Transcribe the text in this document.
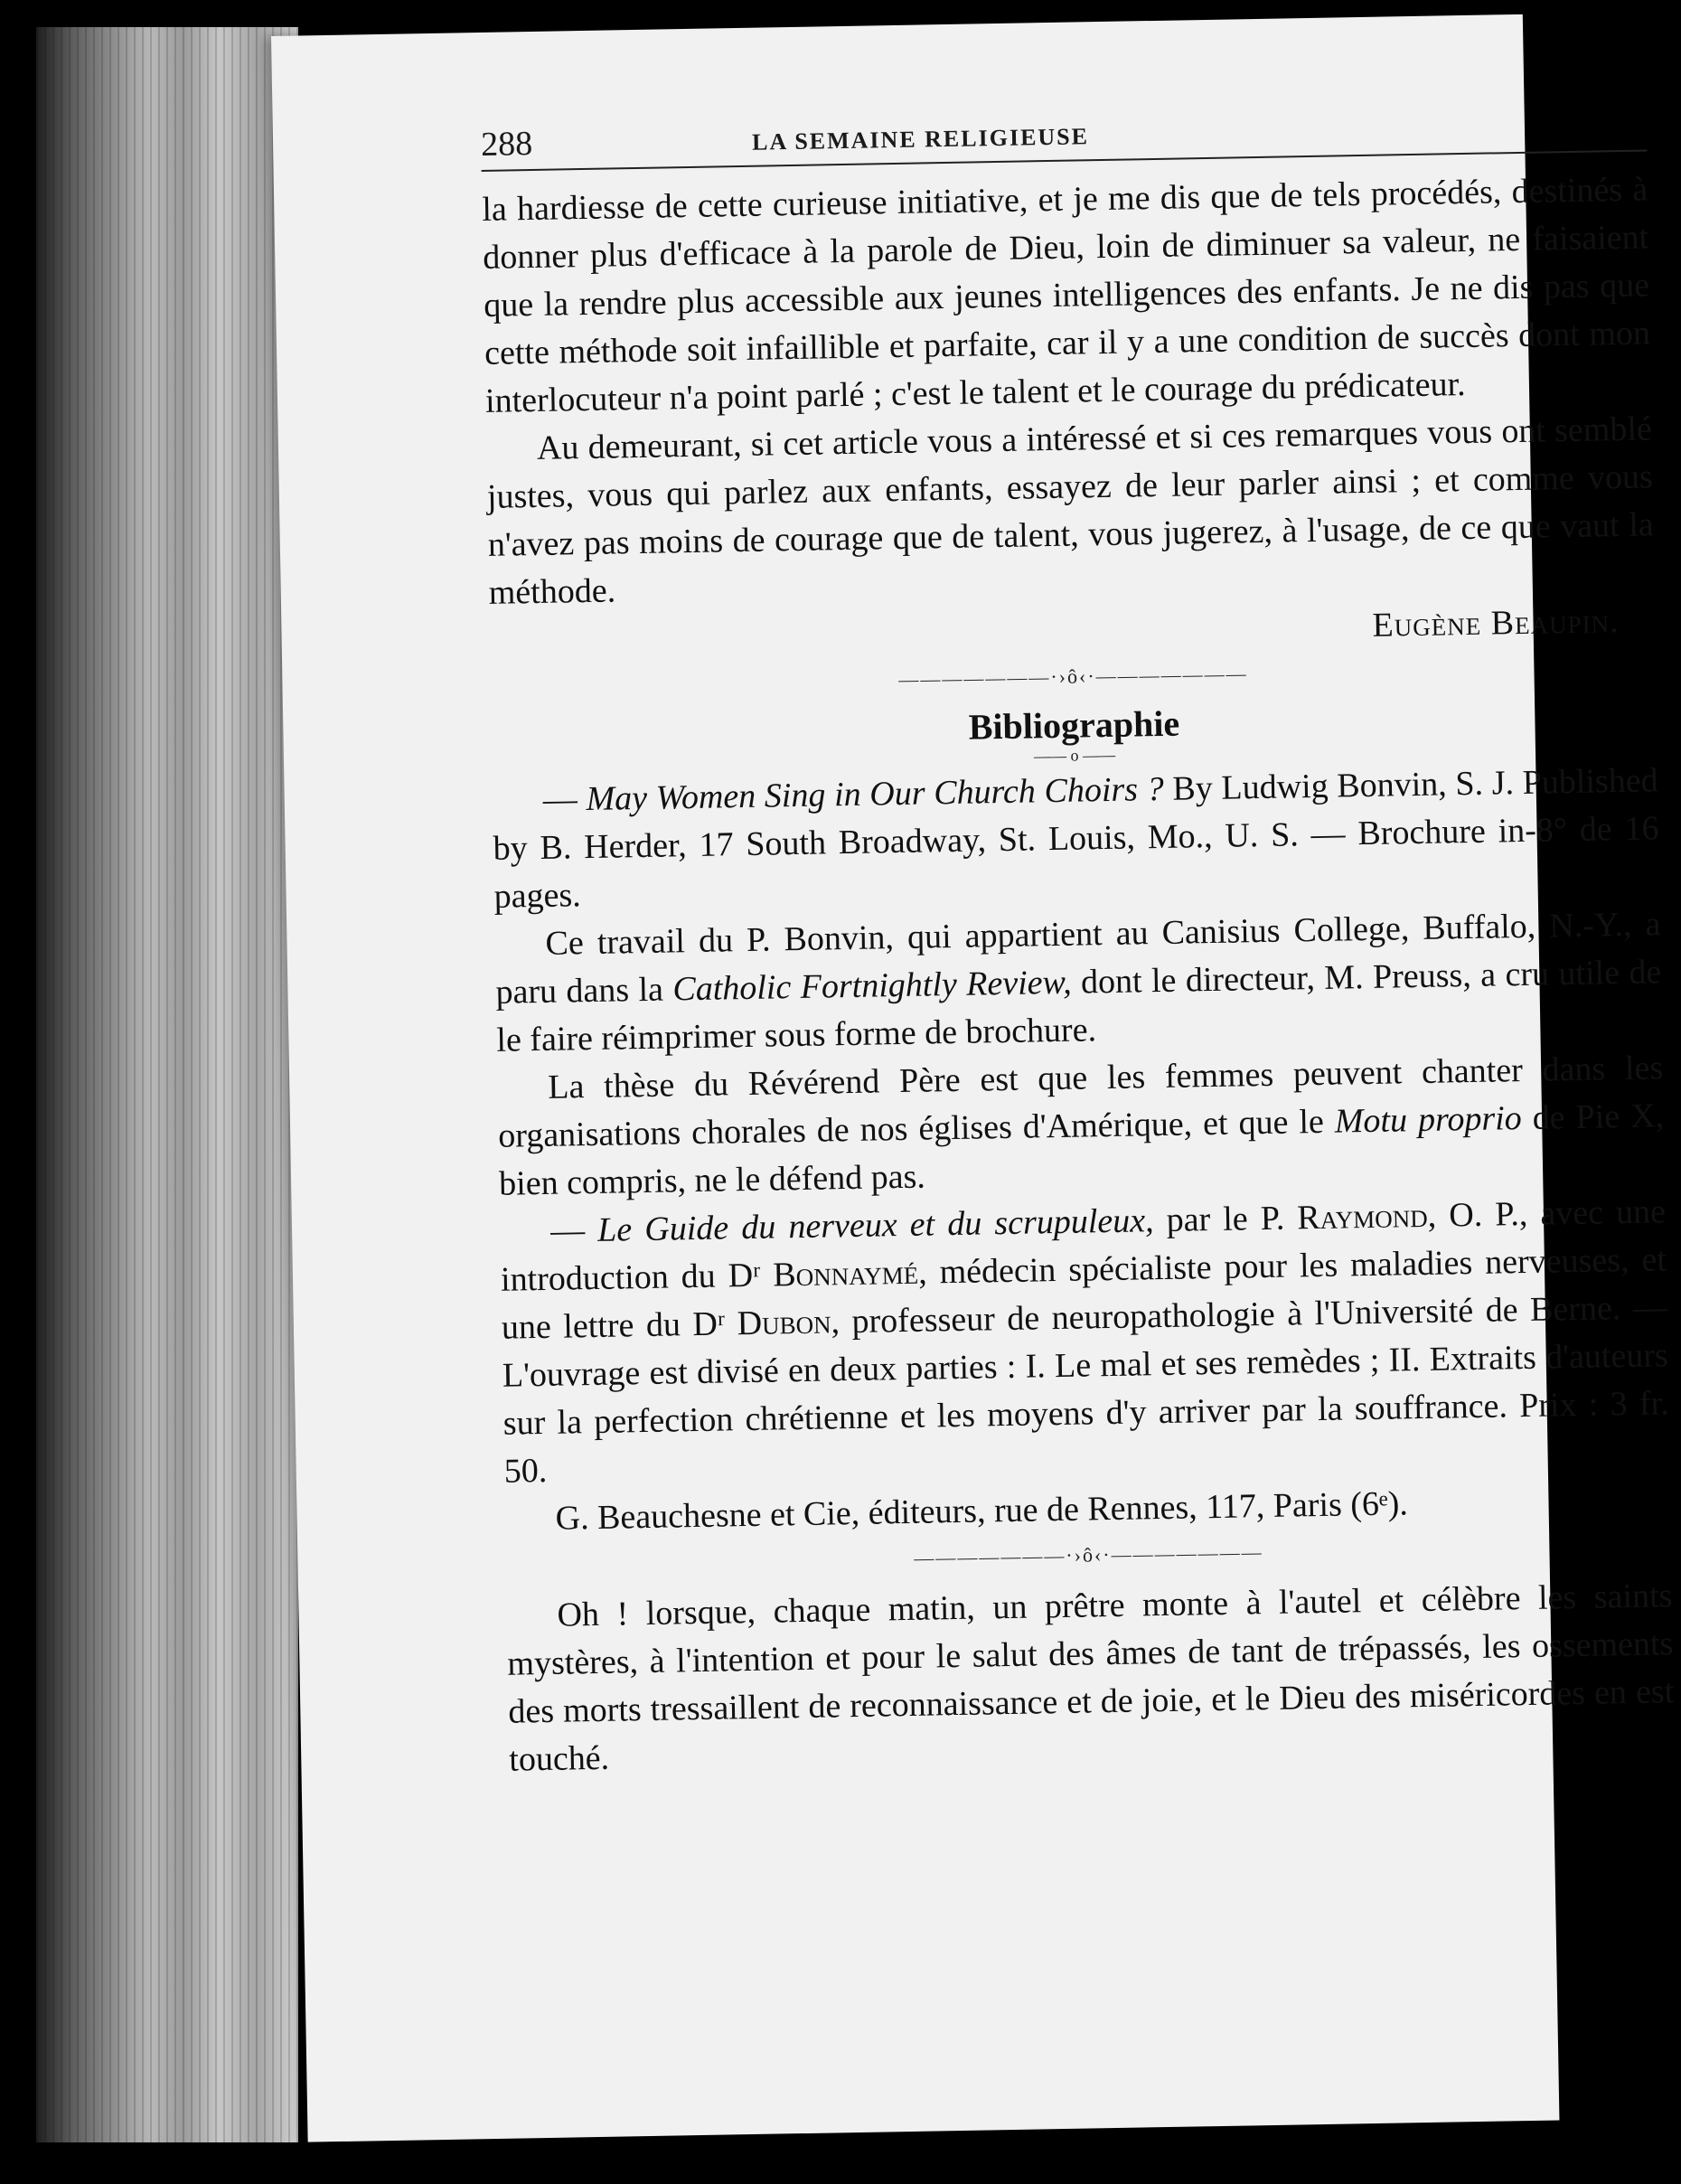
288	LA SEMAINE RELIGIEUSE

la hardiesse de cette curieuse initiative, et je me dis que de tels procédés, destinés à donner plus d'efficace à la parole de Dieu, loin de diminuer sa valeur, ne faisaient que la rendre plus accessible aux jeunes intelligences des enfants. Je ne dis pas que cette méthode soit infaillible et parfaite, car il y a une condition de succès dont mon interlocuteur n'a point parlé ; c'est le talent et le courage du prédicateur.

Au demeurant, si cet article vous a intéressé et si ces remarques vous ont semblé justes, vous qui parlez aux enfants, essayez de leur parler ainsi ; et comme vous n'avez pas moins de courage que de talent, vous jugerez, à l'usage, de ce que vaut la méthode.

Eugène Beaupin.

———————·›ô‹·———————
Bibliographie
—— o ——

— May Women Sing in Our Church Choirs ? By Ludwig Bonvin, S. J. Published by B. Herder, 17 South Broadway, St. Louis, Mo., U. S. — Brochure in-8° de 16 pages.

Ce travail du P. Bonvin, qui appartient au Canisius College, Buffalo, N.-Y., a paru dans la Catholic Fortnightly Review, dont le directeur, M. Preuss, a cru utile de le faire réimprimer sous forme de brochure.

La thèse du Révérend Père est que les femmes peuvent chanter dans les organisations chorales de nos églises d'Amérique, et que le Motu proprio de Pie X, bien compris, ne le défend pas.

— Le Guide du nerveux et du scrupuleux, par le P. Raymond, O. P., avec une introduction du Dʳ Bonnaymé, médecin spécialiste pour les maladies nerveuses, et une lettre du Dʳ Dubon, professeur de neuropathologie à l'Université de Berne. — L'ouvrage est divisé en deux parties : I. Le mal et ses remèdes ; II. Extraits d'auteurs sur la perfection chrétienne et les moyens d'y arriver par la souffrance. Prix : 3 fr. 50.

G. Beauchesne et Cie, éditeurs, rue de Rennes, 117, Paris (6ᵉ).

———————·›ô‹·———————

Oh ! lorsque, chaque matin, un prêtre monte à l'autel et célèbre les saints mystères, à l'intention et pour le salut des âmes de tant de trépassés, les ossements des morts tressaillent de reconnaissance et de joie, et le Dieu des miséricordes en est touché.
